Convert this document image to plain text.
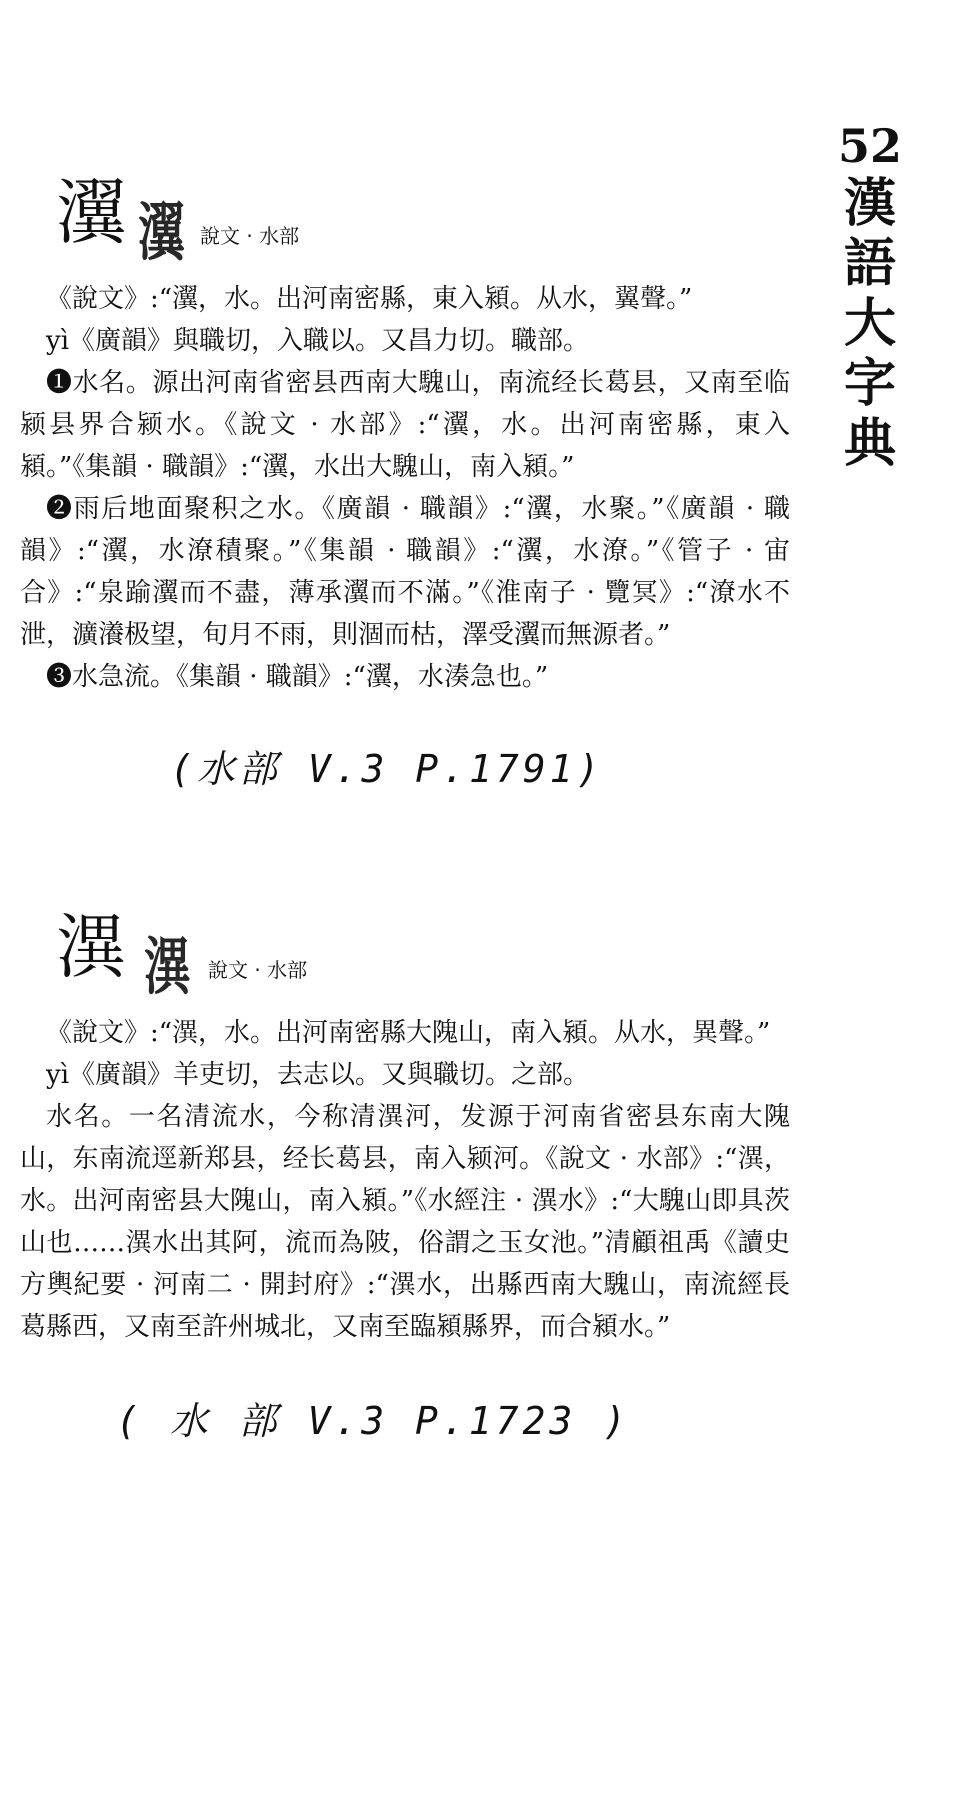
52
漢
語
大
字
典
瀷 瀷 說文 · 水部

《說文》:“瀷，水。出河南密縣，東入潁。从水，翼聲。”

yì《廣韻》與職切，入職以。又昌力切。職部。

❶水名。源出河南省密县西南大騩山，南流经长葛县，又南至临颍县界合颍水。《說文 · 水部》:“瀷，水。出河南密縣，東入潁。”《集韻 · 職韻》:“瀷，水出大騩山，南入潁。”

❷雨后地面聚积之水。《廣韻 · 職韻》:“瀷，水聚。”《廣韻 · 職韻》:“瀷，水潦積聚。”《集韻 · 職韻》:“瀷，水潦。”《管子 · 宙合》:“泉踰瀷而不盡，薄承瀷而不滿。”《淮南子 · 覽冥》:“潦水不泄，瀇瀁极望，旬月不雨，則涸而枯，澤受瀷而無源者。”

❸水急流。《集韻 · 職韻》:“瀷，水湊急也。”

(水部 V.3 P.1791)
潩 潩 說文 · 水部

《說文》:“潩，水。出河南密縣大隗山，南入潁。从水，異聲。”

yì《廣韻》羊吏切，去志以。又與職切。之部。

水名。一名清流水，今称清潩河，发源于河南省密县东南大隗山，东南流逕新郑县，经长葛县，南入颍河。《說文 · 水部》:“潩，水。出河南密县大隗山，南入潁。”《水經注 · 潩水》:“大騩山即具茨山也……潩水出其阿，流而為陂，俗謂之玉女池。”清顧祖禹《讀史方輿紀要 · 河南二 · 開封府》:“潩水，出縣西南大騩山，南流經長葛縣西，又南至許州城北，又南至臨潁縣界，而合潁水。”

( 水 部 V.3 P.1723 )
